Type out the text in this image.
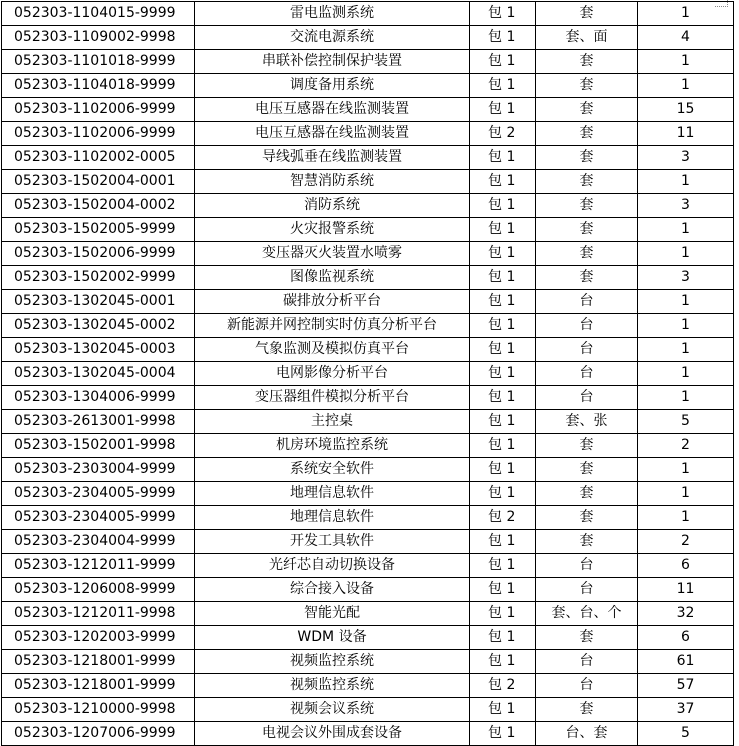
052303-1104015-9999	雷电监测系统	包 1	套	1
052303-1109002-9998	交流电源系统	包 1	套、面	4
052303-1101018-9999	串联补偿控制保护装置	包 1	套	1
052303-1104018-9999	调度备用系统	包 1	套	1
052303-1102006-9999	电压互感器在线监测装置	包 1	套	15
052303-1102006-9999	电压互感器在线监测装置	包 2	套	11
052303-1102002-0005	导线弧垂在线监测装置	包 1	套	3
052303-1502004-0001	智慧消防系统	包 1	套	1
052303-1502004-0002	消防系统	包 1	套	3
052303-1502005-9999	火灾报警系统	包 1	套	1
052303-1502006-9999	变压器灭火装置水喷雾	包 1	套	1
052303-1502002-9999	图像监视系统	包 1	套	3
052303-1302045-0001	碳排放分析平台	包 1	台	1
052303-1302045-0002	新能源并网控制实时仿真分析平台	包 1	台	1
052303-1302045-0003	气象监测及模拟仿真平台	包 1	台	1
052303-1302045-0004	电网影像分析平台	包 1	台	1
052303-1304006-9999	变压器组件模拟分析平台	包 1	台	1
052303-2613001-9998	主控桌	包 1	套、张	5
052303-1502001-9998	机房环境监控系统	包 1	套	2
052303-2303004-9999	系统安全软件	包 1	套	1
052303-2304005-9999	地理信息软件	包 1	套	1
052303-2304005-9999	地理信息软件	包 2	套	1
052303-2304004-9999	开发工具软件	包 1	套	2
052303-1212011-9999	光纤芯自动切换设备	包 1	台	6
052303-1206008-9999	综合接入设备	包 1	台	11
052303-1212011-9998	智能光配	包 1	套、台、个	32
052303-1202003-9999	WDM 设备	包 1	套	6
052303-1218001-9999	视频监控系统	包 1	台	61
052303-1218001-9999	视频监控系统	包 2	台	57
052303-1210000-9998	视频会议系统	包 1	套	37
052303-1207006-9999	电视会议外围成套设备	包 1	台、套	5
